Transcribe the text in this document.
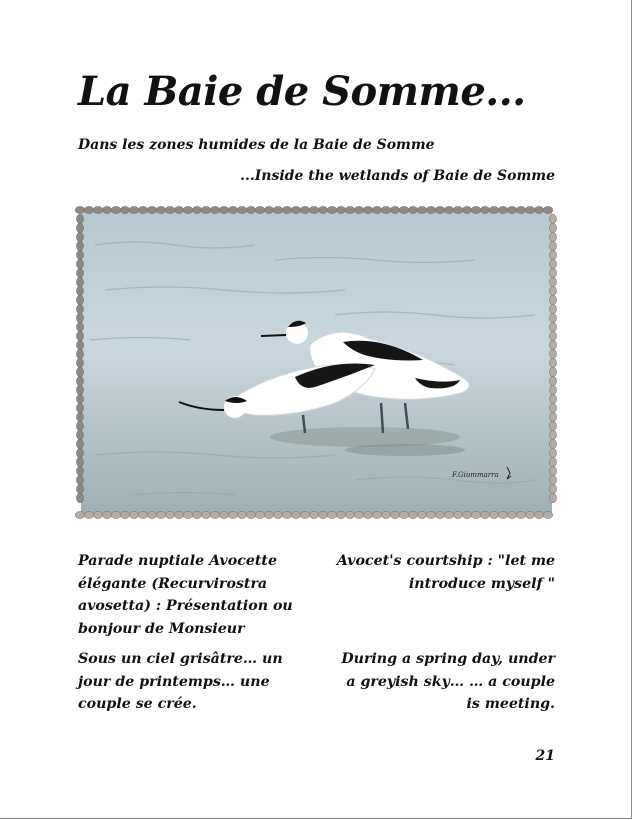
La Baie de Somme...

Dans les zones humides de la Baie de Somme

...Inside the wetlands of Baie de Somme

F.Giummarra

Parade nuptiale Avocette élégante (Recurvirostra avosetta) : Présentation ou bonjour de Monsieur

Sous un ciel grisâtre… un jour de printemps… une couple se crée.

Avocet's courtship : "let me introduce myself "

During a spring day, under a greyish sky… … a couple is meeting.

21
